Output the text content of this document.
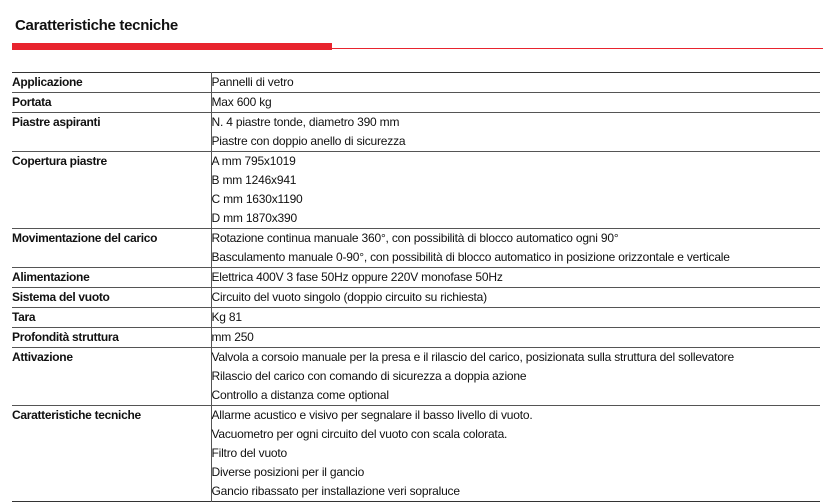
Caratteristiche tecniche
Applicazione	Pannelli di vetro

Portata	Max 600 kg

Piastre aspiranti	N. 4 piastre tonde, diametro 390 mm
Piastre con doppio anello di sicurezza

Copertura piastre	A mm 795x1019
B mm 1246x941
C mm 1630x1190
D mm 1870x390

Movimentazione del carico	Rotazione continua manuale 360°, con possibilità di blocco automatico ogni 90°
Basculamento manuale 0-90°, con possibilità di blocco automatico in posizione orizzontale e verticale

Alimentazione	Elettrica 400V 3 fase 50Hz oppure 220V monofase 50Hz

Sistema del vuoto	Circuito del vuoto singolo (doppio circuito su richiesta)

Tara	Kg 81

Profondità struttura	mm 250

Attivazione	Valvola a corsoio manuale per la presa e il rilascio del carico, posizionata sulla struttura del sollevatore
Rilascio del carico con comando di sicurezza a doppia azione
Controllo a distanza come optional

Caratteristiche tecniche	Allarme acustico e visivo per segnalare il basso livello di vuoto.
Vacuometro per ogni circuito del vuoto con scala colorata.
Filtro del vuoto
Diverse posizioni per il gancio
Gancio ribassato per installazione veri sopraluce
